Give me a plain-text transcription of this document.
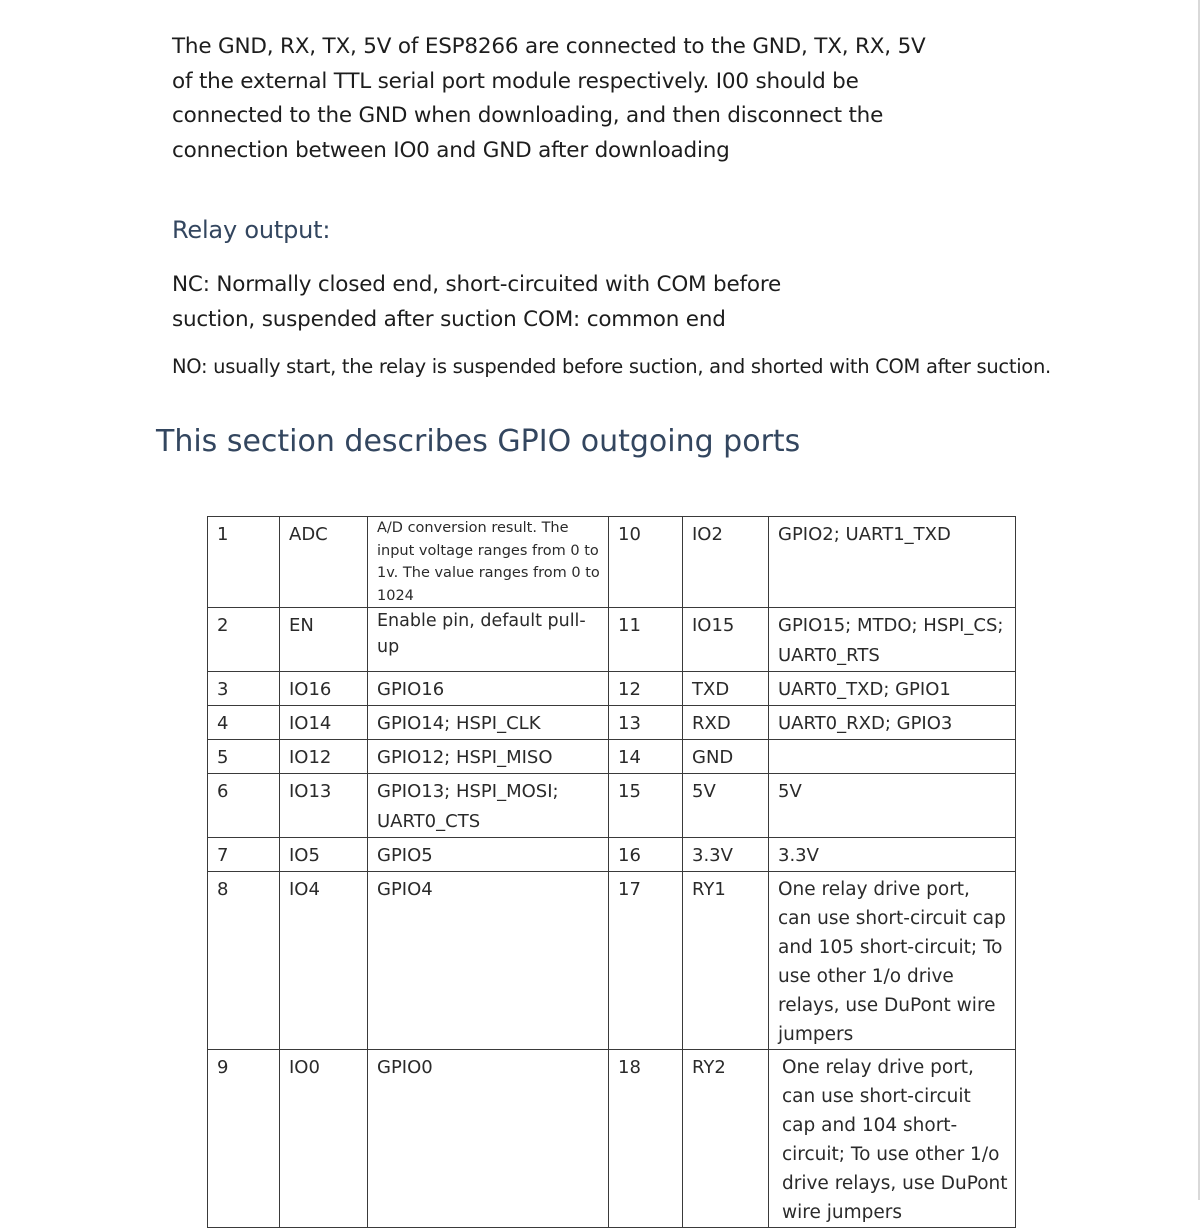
The GND, RX, TX, 5V of ESP8266 are connected to the GND, TX, RX, 5V

of the external TTL serial port module respectively. I00 should be

connected to the GND when downloading, and then disconnect the

connection between IO0 and GND after downloading

Relay output:
NC: Normally closed end, short-circuited with COM before
suction, suspended after suction COM: common end
NO: usually start, the relay is suspended before suction, and shorted with COM after suction.
This section describes GPIO outgoing ports
1	ADC	A/D conversion result. The input voltage ranges from 0 to 1v. The value ranges from 0 to 1024	10	IO2	GPIO2; UART1_TXD
2	EN	Enable pin, default pull-up	11	IO15	GPIO15; MTDO; HSPI_CS; UART0_RTS
3	IO16	GPIO16	12	TXD	UART0_TXD; GPIO1
4	IO14	GPIO14; HSPI_CLK	13	RXD	UART0_RXD; GPIO3
5	IO12	GPIO12; HSPI_MISO	14	GND	
6	IO13	GPIO13; HSPI_MOSI; UART0_CTS	15	5V	5V
7	IO5	GPIO5	16	3.3V	3.3V
8	IO4	GPIO4	17	RY1	One relay drive port, can use short-circuit cap and 105 short-circuit; To use other 1/o drive relays, use DuPont wire jumpers
9	IO0	GPIO0	18	RY2	One relay drive port, can use short-circuit cap and 104 short-circuit; To use other 1/o drive relays, use DuPont wire jumpers
